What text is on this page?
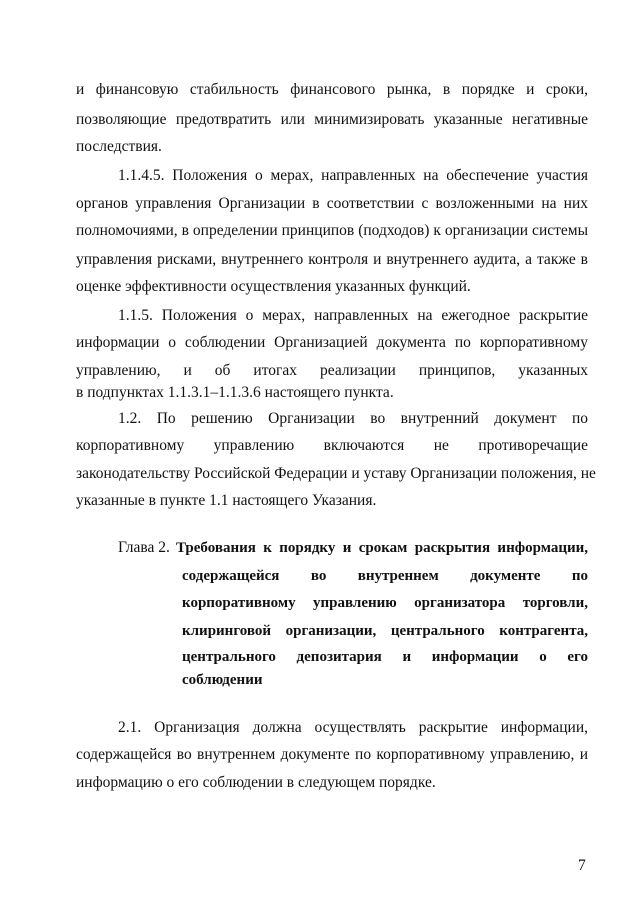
и финансовую стабильность финансового рынка, в порядке и сроки,
позволяющие предотвратить или минимизировать указанные негативные
последствия.
1.1.4.5. Положения о мерах, направленных на обеспечение участия
органов управления Организации в соответствии с возложенными на них
полномочиями, в определении принципов (подходов) к организации системы
управления рисками, внутреннего контроля и внутреннего аудита, а также в
оценке эффективности осуществления указанных функций.
1.1.5. Положения о мерах, направленных на ежегодное раскрытие
информации о соблюдении Организацией документа по корпоративному
управлению, и об итогах реализации принципов, указанных
в подпунктах 1.1.3.1–1.1.3.6 настоящего пункта.
1.2. По решению Организации во внутренний документ по
корпоративному управлению включаются не противоречащие
законодательству Российской Федерации и уставу Организации положения, не
указанные в пункте 1.1 настоящего Указания.
Глава 2. Требования к порядку и срокам раскрытия информации,
содержащейся во внутреннем документе по
корпоративному управлению организатора торговли,
клиринговой организации, центрального контрагента,
центрального депозитария и информации о его
соблюдении
2.1. Организация должна осуществлять раскрытие информации,
содержащейся во внутреннем документе по корпоративному управлению, и
информацию о его соблюдении в следующем порядке.
7
